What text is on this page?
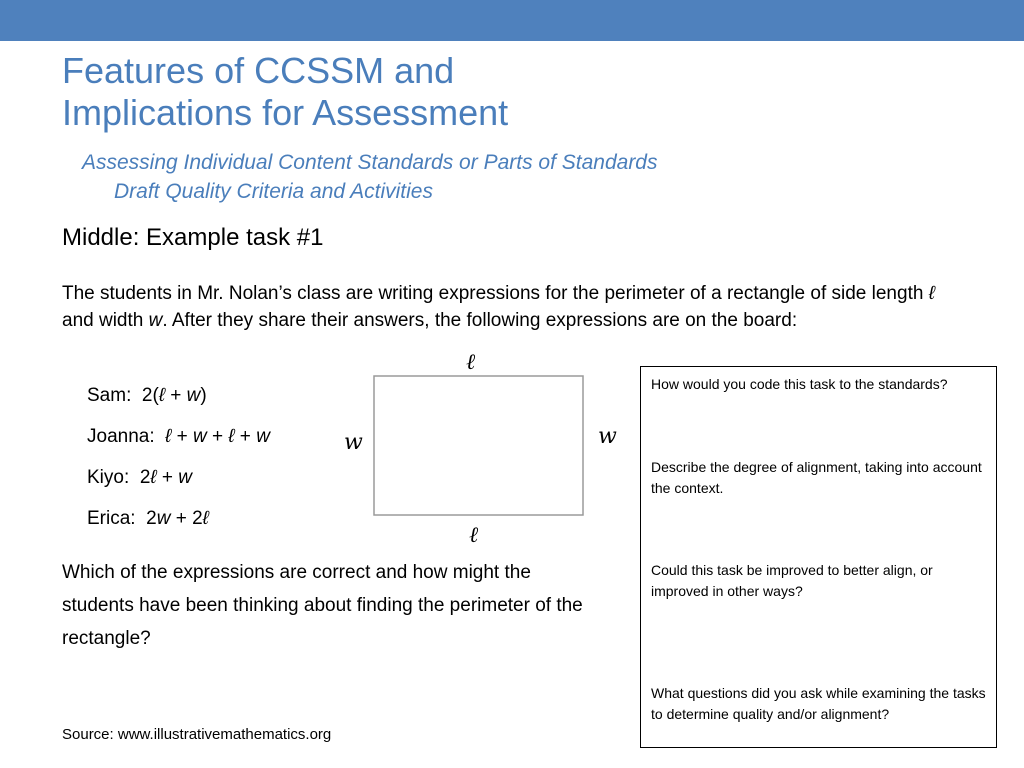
Features of CCSSM and
Implications for Assessment
Assessing Individual Content Standards or Parts of Standards
Draft Quality Criteria and Activities
Middle: Example task #1

The students in Mr. Nolan’s class are writing expressions for the perimeter of a rectangle of side length ℓ and width w. After they share their answers, the following expressions are on the board:

Sam:  2(ℓ + w)
Joanna:  ℓ + w + ℓ + w
Kiyo:  2ℓ + w
Erica:  2w + 2ℓ
ℓ
w	w
ℓ

Which of the expressions are correct and how might the students have been thinking about finding the perimeter of the rectangle?

How would you code this task to the standards?

Describe the degree of alignment, taking into account the context.

Could this task be improved to better align, or improved in other ways?

What questions did you ask while examining the tasks to determine quality and/or alignment?

Source: www.illustrativemathematics.org
